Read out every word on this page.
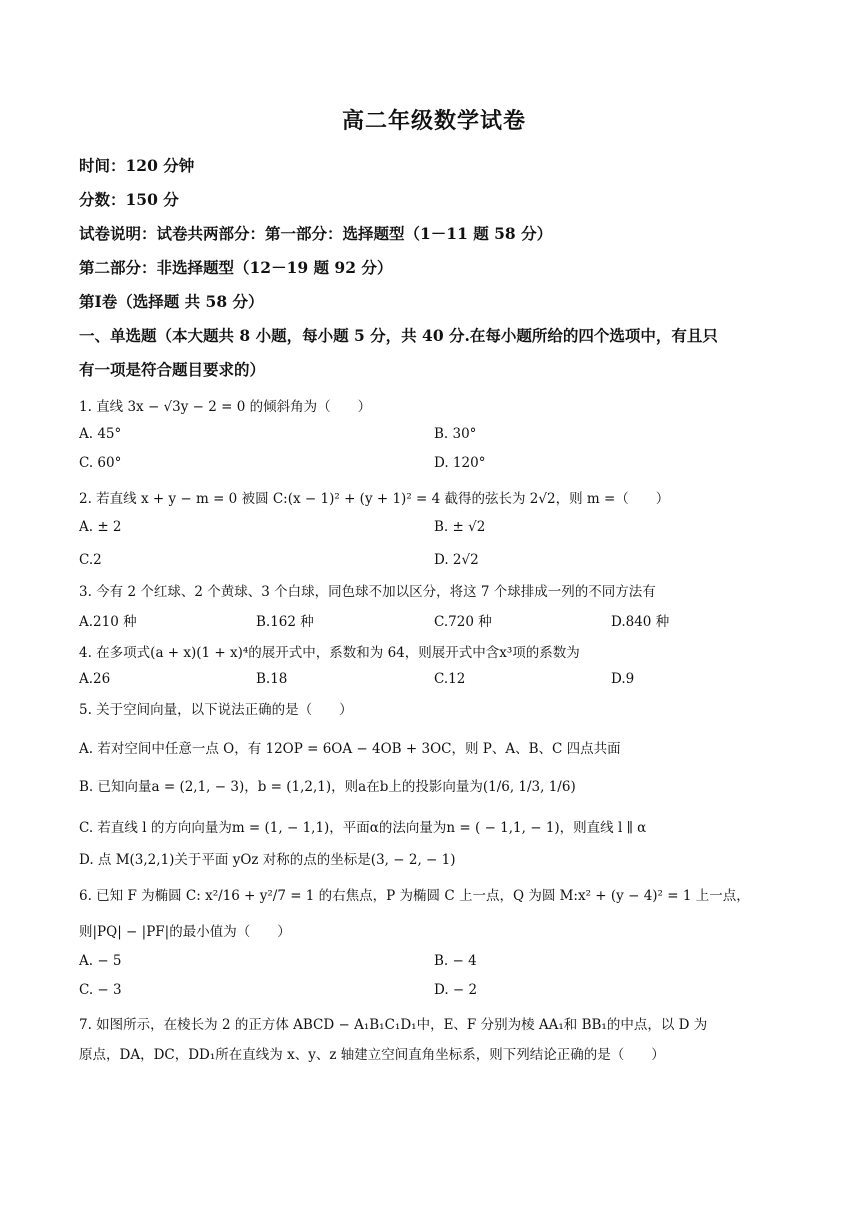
高二年级数学试卷
时间：120 分钟
分数：150 分
试卷说明：试卷共两部分：第一部分：选择题型（1－11 题 58 分）
第二部分：非选择题型（12－19 题 92 分）
第Ⅰ卷（选择题 共 58 分）
一、单选题（本大题共 8 小题，每小题 5 分，共 40 分.在每小题所给的四个选项中，有且只
有一项是符合题目要求的）
1. 直线 3x − √3y − 2 = 0 的倾斜角为（　　）
A. 45°	B. 30°
C. 60°	D. 120°
2. 若直线 x + y − m = 0 被圆 C:(x − 1)² + (y + 1)² = 4 截得的弦长为 2√2，则 m =（　　）
A. ± 2	B. ± √2
C.2	D. 2√2
3. 今有 2 个红球、2 个黄球、3 个白球，同色球不加以区分，将这 7 个球排成一列的不同方法有
A.210 种	B.162 种	C.720 种	D.840 种
4. 在多项式(a + x)(1 + x)⁴的展开式中，系数和为 64，则展开式中含x³项的系数为
A.26	B.18	C.12	D.9
5. 关于空间向量，以下说法正确的是（　　）
A. 若对空间中任意一点 O，有 12OP = 6OA − 4OB + 3OC，则 P、A、B、C 四点共面
B. 已知向量a = (2,1, − 3)，b = (1,2,1)，则a在b上的投影向量为(1/6, 1/3, 1/6)
C. 若直线 l 的方向向量为m = (1, − 1,1)，平面α的法向量为n = ( − 1,1, − 1)，则直线 l ∥ α
D. 点 M(3,2,1)关于平面 yOz 对称的点的坐标是(3, − 2, − 1)
6. 已知 F 为椭圆 C: x²/16 + y²/7 = 1 的右焦点，P 为椭圆 C 上一点，Q 为圆 M:x² + (y − 4)² = 1 上一点，
则|PQ| − |PF|的最小值为（　　）
A. − 5	B. − 4
C. − 3	D. − 2
7. 如图所示，在棱长为 2 的正方体 ABCD − A₁B₁C₁D₁中，E、F 分别为棱 AA₁和 BB₁的中点，以 D 为
原点，DA，DC，DD₁所在直线为 x、y、z 轴建立空间直角坐标系，则下列结论正确的是（　　）
